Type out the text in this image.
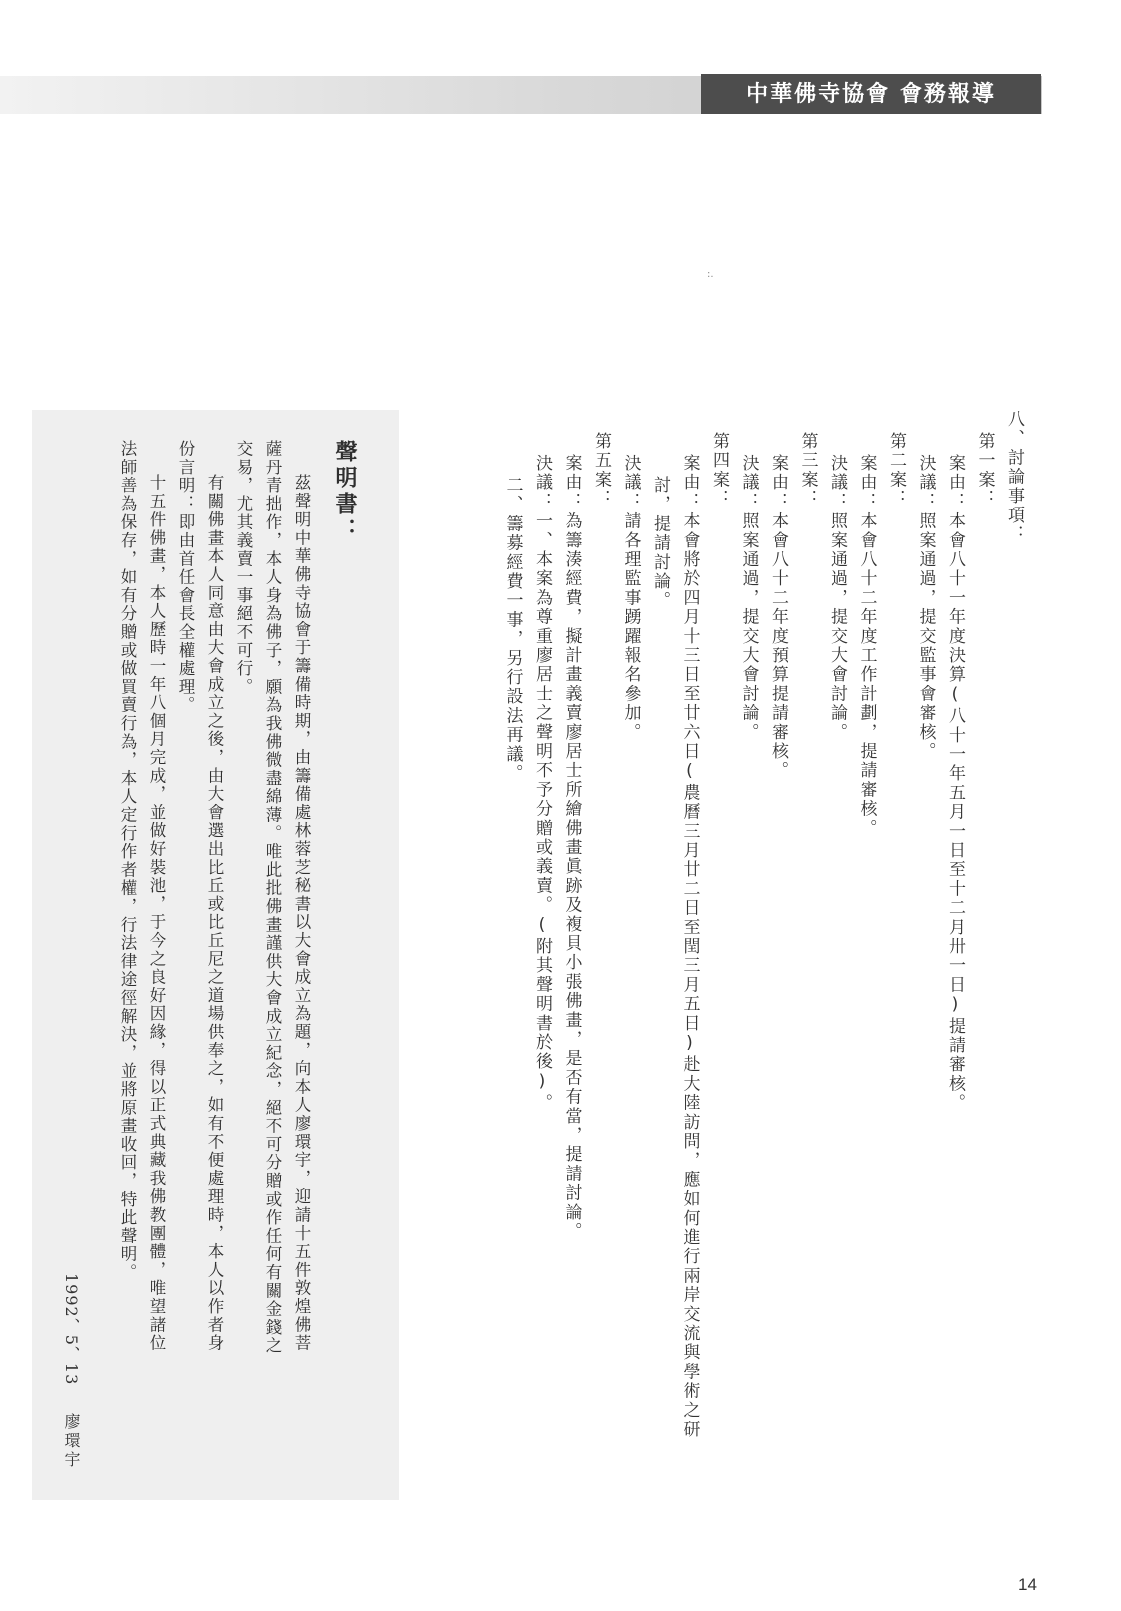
中華佛寺協會 會務報導
:.

八、討論事項：

第一案：

案由：本會八十一年度決算(八十一年五月一日至十二月卅一日)提請審核。

決議：照案通過，提交監事會審核。

第二案：

案由：本會八十二年度工作計劃，提請審核。

決議：照案通過，提交大會討論。

第三案：

案由：本會八十二年度預算提請審核。

決議：照案通過，提交大會討論。

第四案：

案由：本會將於四月十三日至廿六日(農曆三月廿二日至閏三月五日)赴大陸訪問，應如何進行兩岸交流與學術之研

討，提請討論。

決議：請各理監事踴躍報名參加。

第五案：

案由：為籌湊經費，擬計畫義賣廖居士所繪佛畫眞跡及複貝小張佛畫，是否有當，提請討論。

決議：一、本案為尊重廖居士之聲明不予分贈或義賣。(附其聲明書於後)。

二、籌募經費一事，另行設法再議。

聲明書：

茲聲明中華佛寺協會于籌備時期，由籌備處林蓉芝秘書以大會成立為題，向本人廖環宇，迎請十五件敦煌佛菩

薩丹青拙作，本人身為佛子，願為我佛微盡綿薄。唯此批佛畫謹供大會成立紀念，絕不可分贈或作任何有關金錢之

交易，尤其義賣一事絕不可行。

有關佛畫本人同意由大會成立之後，由大會選出比丘或比丘尼之道場供奉之，如有不便處理時，本人以作者身

份言明：即由首任會長全權處理。

十五件佛畫，本人歷時一年八個月完成，並做好裝池，于今之良好因緣，得以正式典藏我佛教團體，唯望諸位

法師善為保存，如有分贈或做買賣行為，本人定行作者權，行法律途徑解決，並將原畫收回，特此聲明。

1992、5、13 廖環宇
14
